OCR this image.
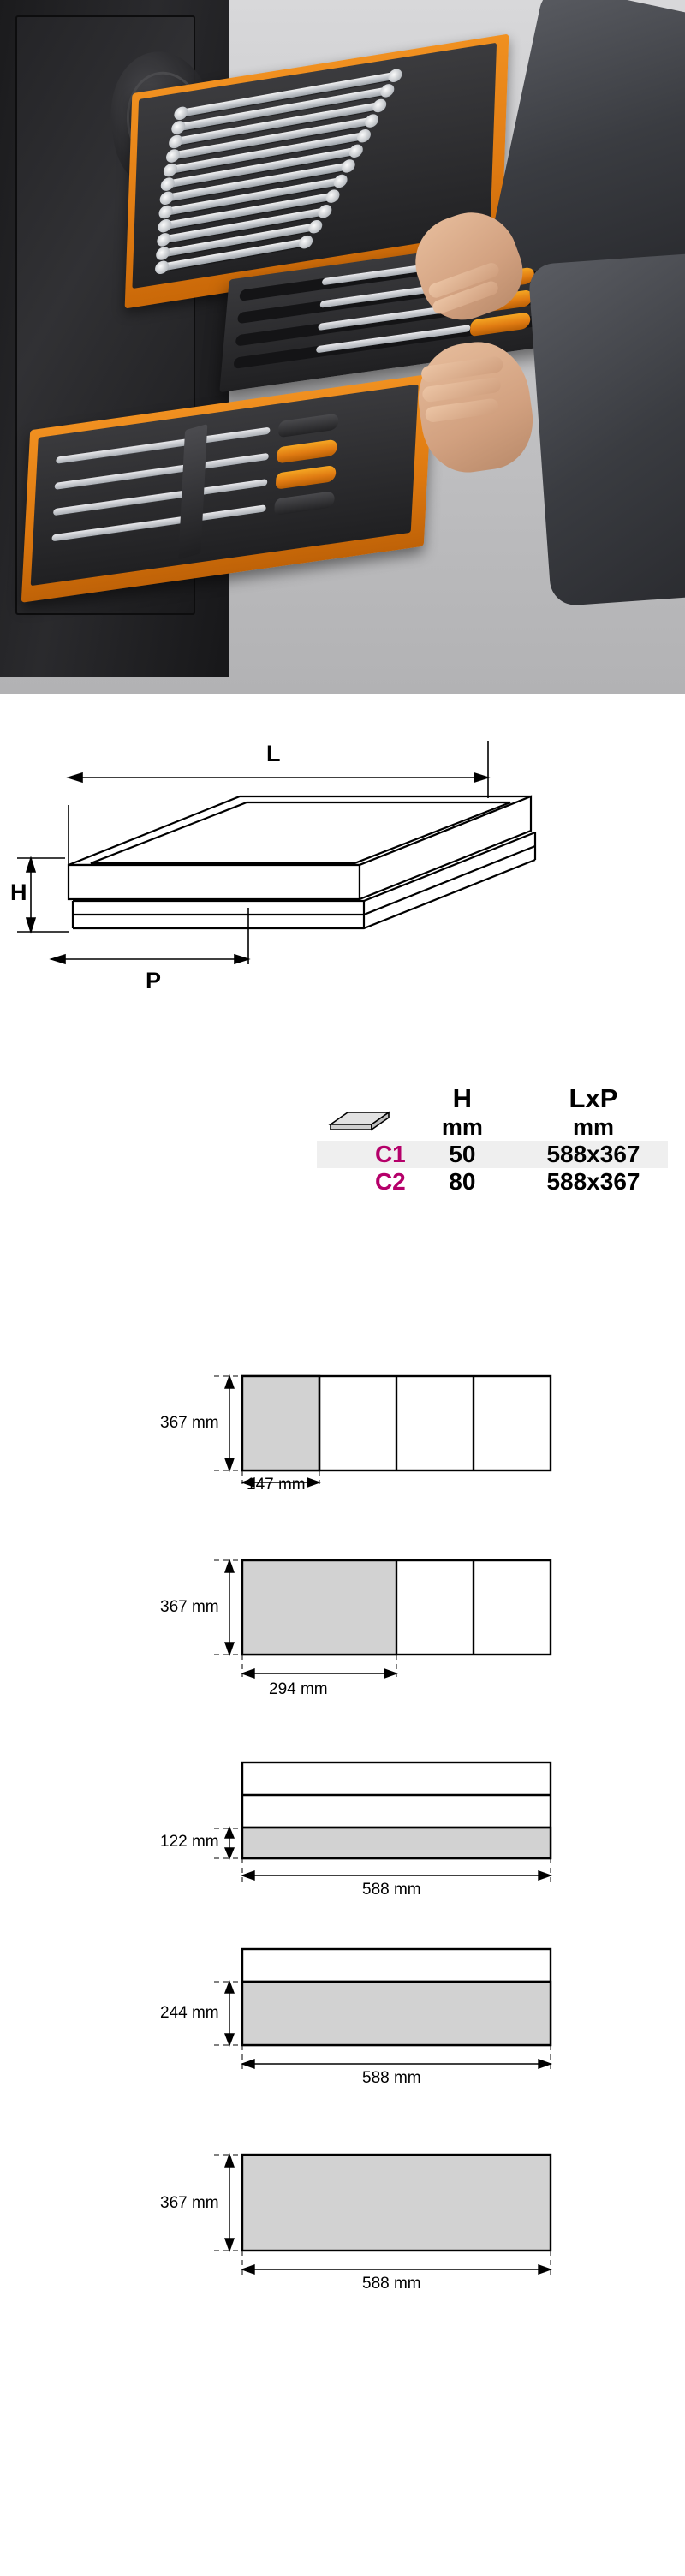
L
H
P
	H	LxP
	mm	mm
C1	50	588x367
C2	80	588x367
367 mm
147 mm
367 mm
294 mm
122 mm
588 mm
244 mm
588 mm
367 mm
588 mm
